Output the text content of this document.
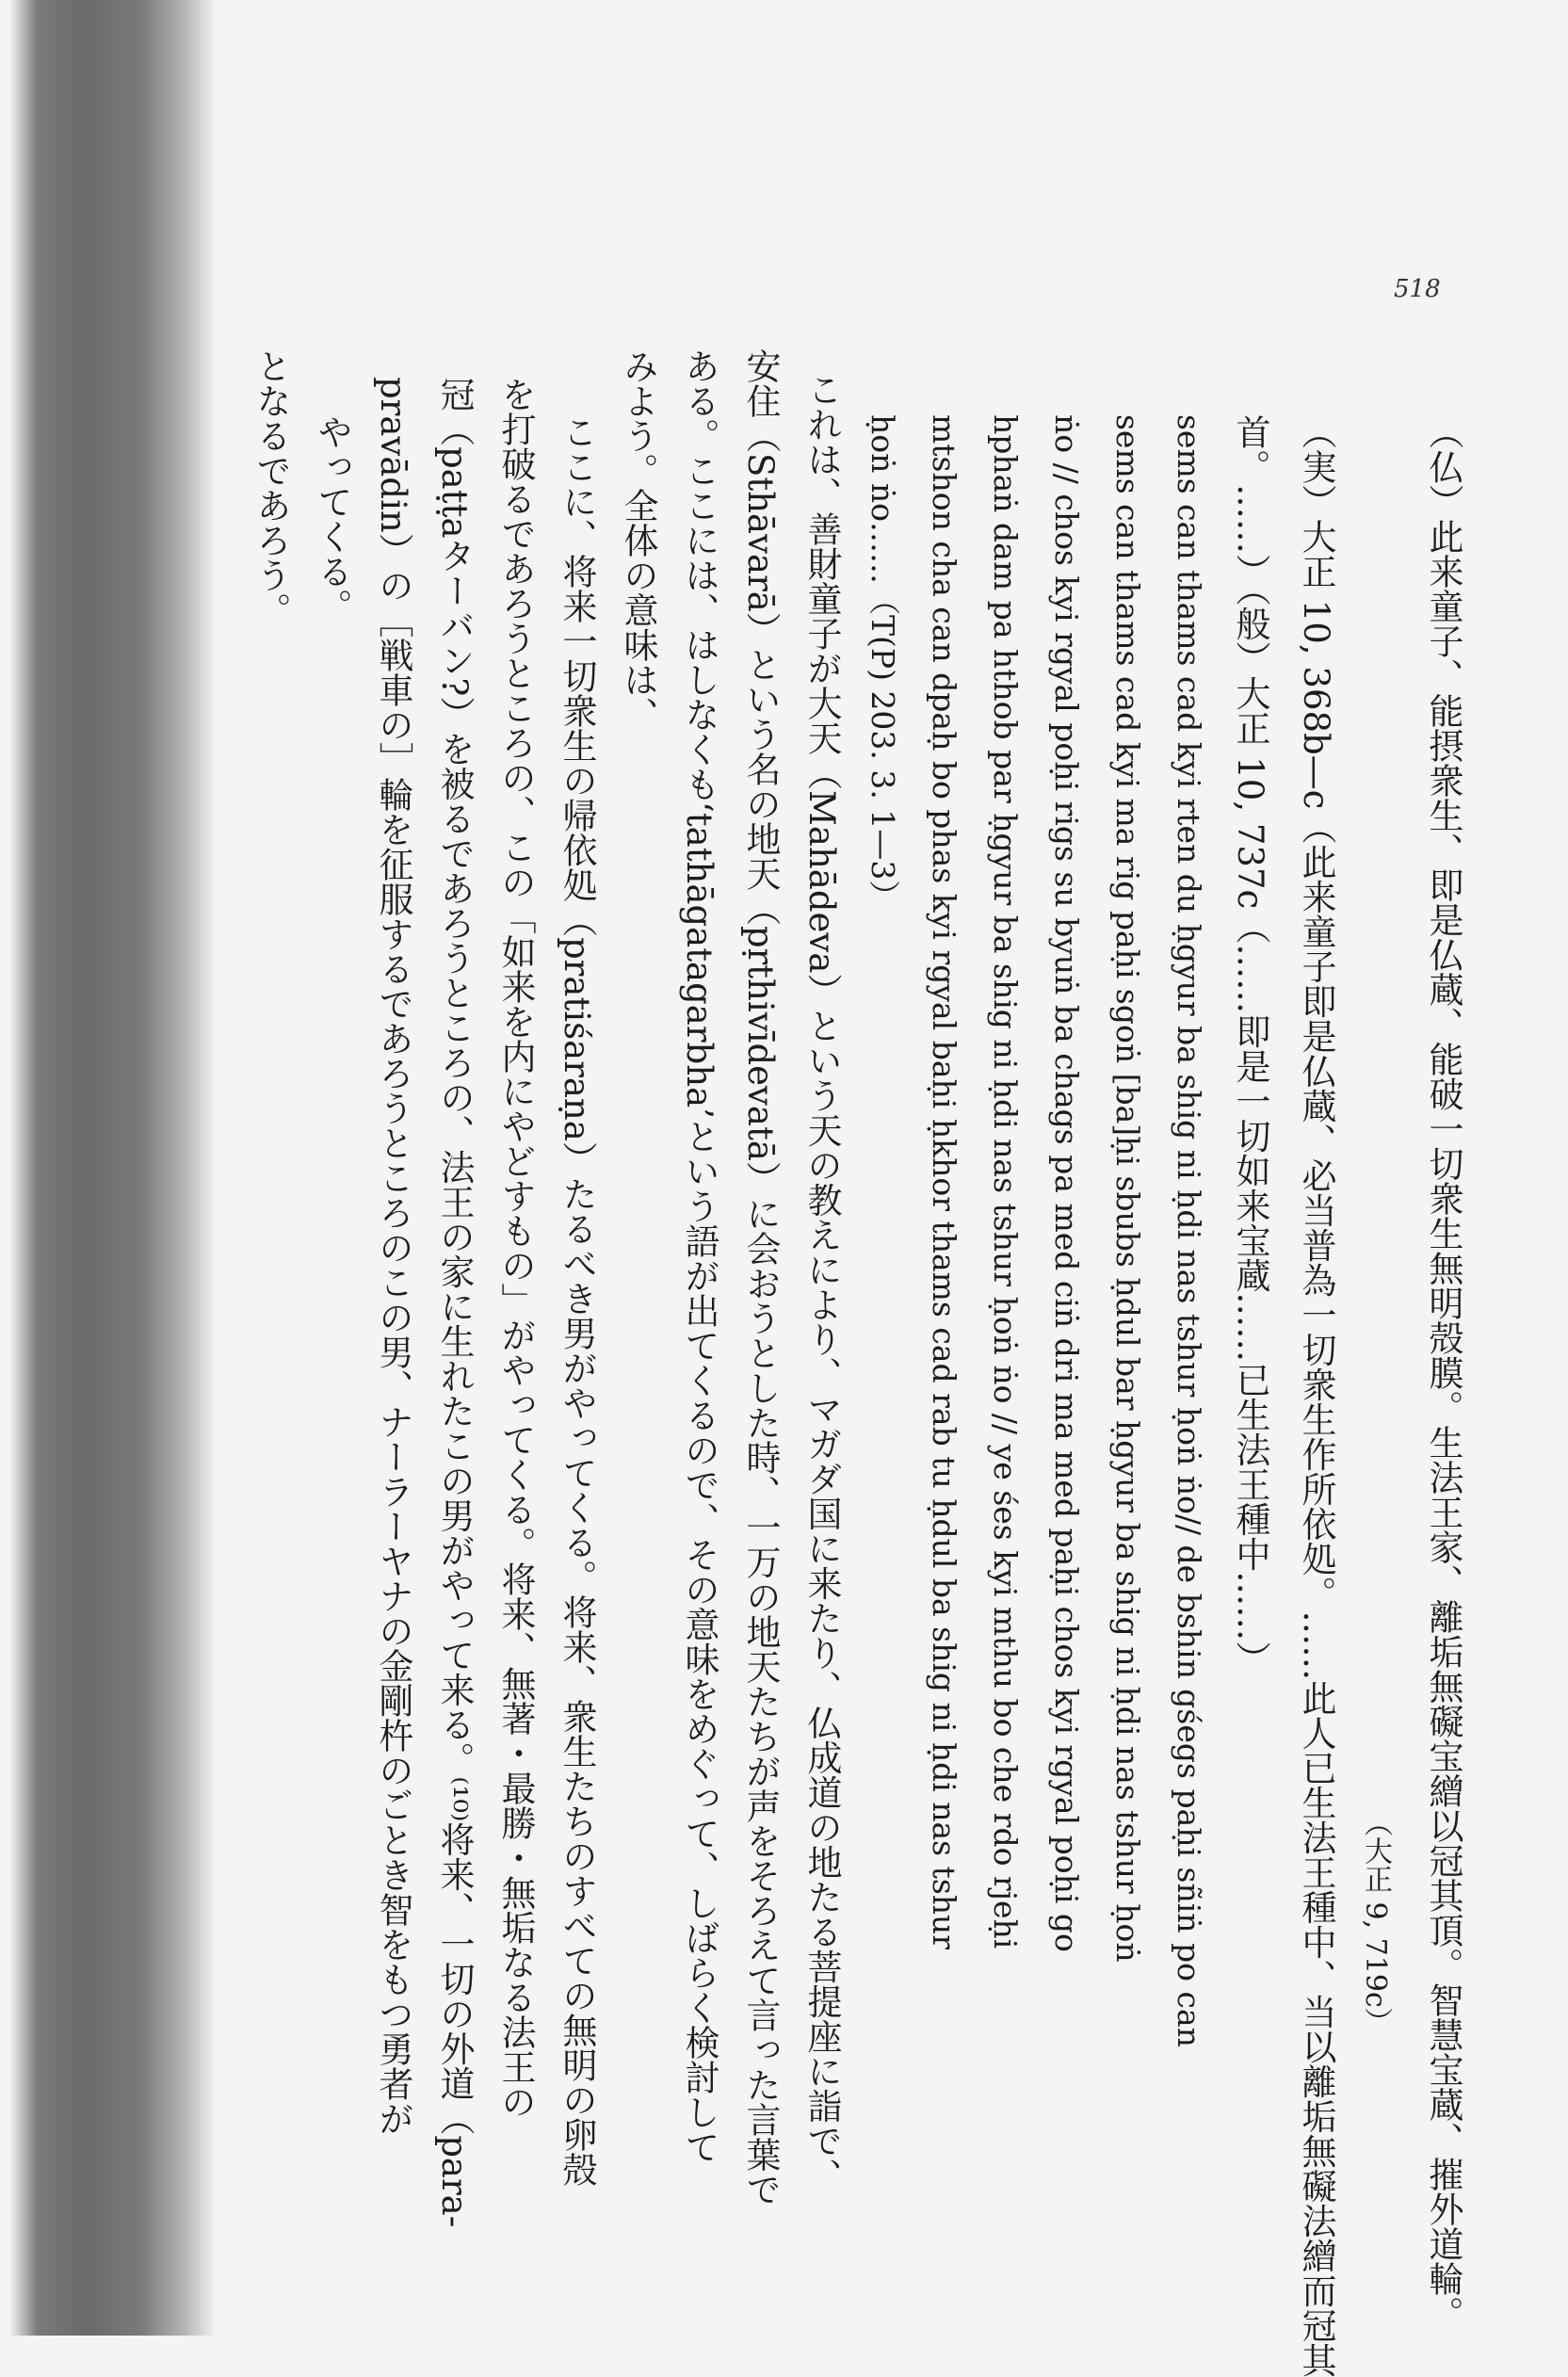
518
（仏）此来童子、能摂衆生、即是仏蔵、能破一切衆生無明殻膜。生法王家、離垢無礙宝繒以冠其頂。智慧宝蔵、摧外道輪。
（大正 9, 719c）
（実）大正 10, 368b—c（此来童子即是仏蔵、必当普為一切衆生作所依処。……此人已生法王種中、当以離垢無礙法繒而冠其
首。……）（般）大正 10, 737c（……即是一切如来宝蔵……已生法王種中……）
sems can thams cad kyi rten du ḥgyur ba shig ni ḥdi nas tshur ḥoṅ ṅo// de bshin gśegs paḥi sñiṅ po can
sems can thams cad kyi ma rig paḥi sgoṅ [ba]ḥi sbubs ḥdul bar ḥgyur ba shig ni ḥdi nas tshur ḥoṅ
ṅo // chos kyi rgyal poḥi rigs su byuṅ ba chags pa med ciṅ dri ma med paḥi chos kyi rgyal poḥi go
hphaṅ dam pa hthob par ḥgyur ba shig ni ḥdi nas tshur ḥoṅ ṅo // ye śes kyi mthu bo che rdo rjeḥi
mtshon cha can dpaḥ bo phas kyi rgyal baḥi ḥkhor thams cad rab tu ḥdul ba shig ni ḥdi nas tshur
ḥoṅ ṅo……（T(P) 203. 3. 1—3）
これは、善財童子が大天（Mahādeva）という天の教えにより、マガダ国に来たり、仏成道の地たる菩提座に詣で、
安住（Sthāvarā）という名の地天（pṛthivīdevatā）に会おうとした時、一万の地天たちが声をそろえて言った言葉で
ある。ここには、はしなくも‘tathāgatagarbha’という語が出てくるので、その意味をめぐって、しばらく検討して
みよう。全体の意味は、
ここに、将来一切衆生の帰依処（pratiśaraṇa）たるべき男がやってくる。将来、衆生たちのすべての無明の卵殻
を打破るであろうところの、この「如来を内にやどすもの」がやってくる。将来、無著・最勝・無垢なる法王の
冠（paṭṭaターバン?）を被るであろうところの、法王の家に生れたこの男がやって来る。⁽¹⁰⁾将来、一切の外道（para-
pravādin）の［戦車の］輪を征服するであろうところのこの男、ナーラーヤナの金剛杵のごとき智をもつ勇者が
やってくる。
となるであろう。
